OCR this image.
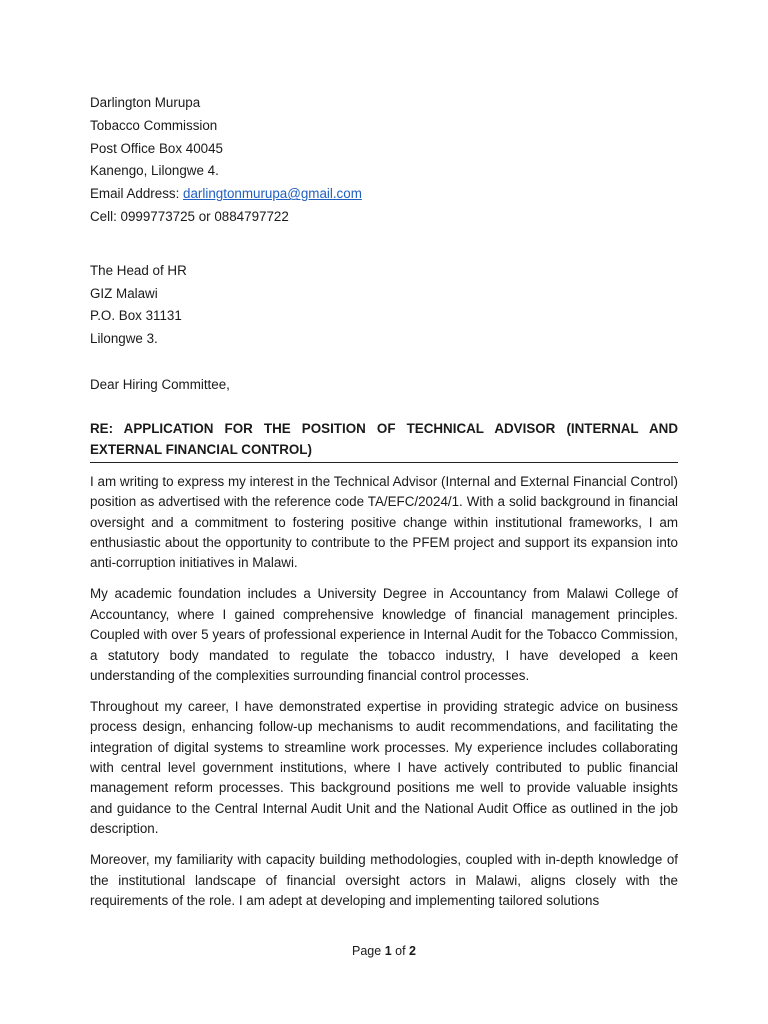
Darlington Murupa
Tobacco Commission
Post Office Box 40045
Kanengo, Lilongwe 4.
Email Address: darlingtonmurupa@gmail.com
Cell: 0999773725 or 0884797722
The Head of HR
GIZ Malawi
P.O. Box 31131
Lilongwe 3.
Dear Hiring Committee,

RE: APPLICATION FOR THE POSITION OF TECHNICAL ADVISOR (INTERNAL AND EXTERNAL FINANCIAL CONTROL)

I am writing to express my interest in the Technical Advisor (Internal and External Financial Control) position as advertised with the reference code TA/EFC/2024/1. With a solid background in financial oversight and a commitment to fostering positive change within institutional frameworks, I am enthusiastic about the opportunity to contribute to the PFEM project and support its expansion into anti-corruption initiatives in Malawi.

My academic foundation includes a University Degree in Accountancy from Malawi College of Accountancy, where I gained comprehensive knowledge of financial management principles. Coupled with over 5 years of professional experience in Internal Audit for the Tobacco Commission, a statutory body mandated to regulate the tobacco industry, I have developed a keen understanding of the complexities surrounding financial control processes.

Throughout my career, I have demonstrated expertise in providing strategic advice on business process design, enhancing follow-up mechanisms to audit recommendations, and facilitating the integration of digital systems to streamline work processes. My experience includes collaborating with central level government institutions, where I have actively contributed to public financial management reform processes. This background positions me well to provide valuable insights and guidance to the Central Internal Audit Unit and the National Audit Office as outlined in the job description.

Moreover, my familiarity with capacity building methodologies, coupled with in-depth knowledge of the institutional landscape of financial oversight actors in Malawi, aligns closely with the requirements of the role. I am adept at developing and implementing tailored solutions

Page 1 of 2
